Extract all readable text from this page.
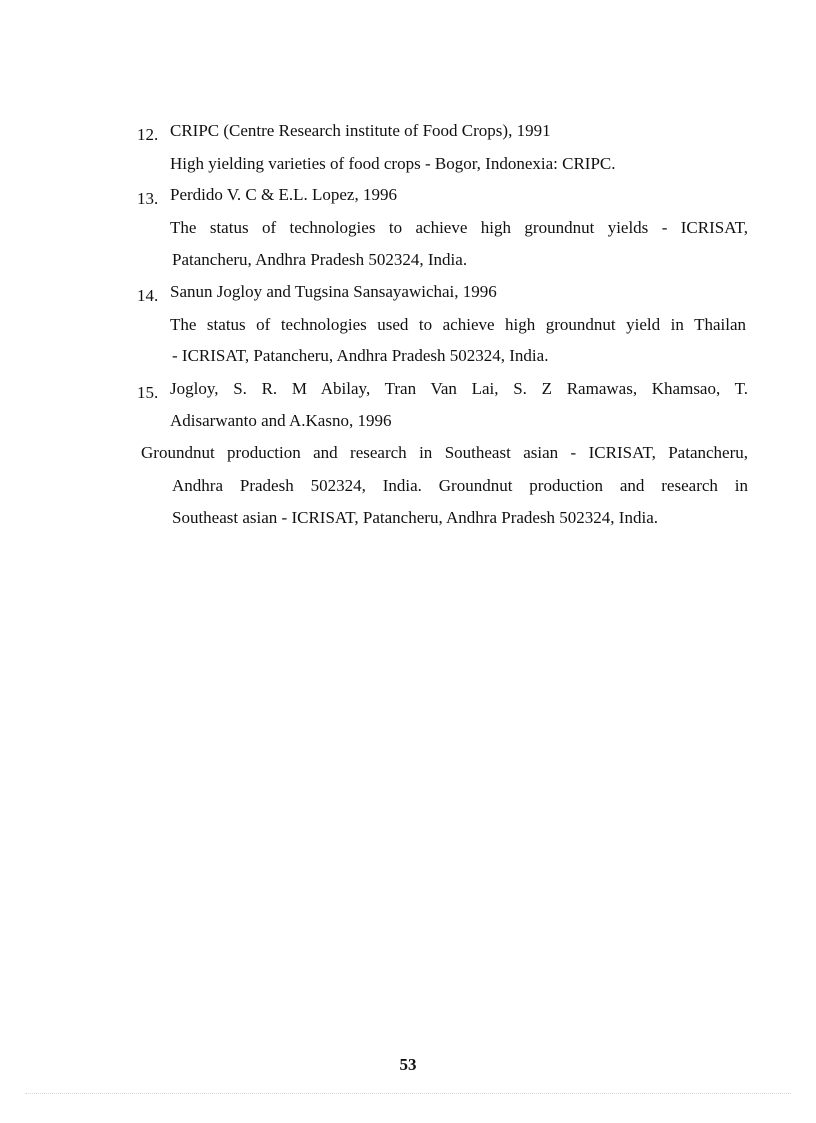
12. CRIPC (Centre Research institute of Food Crops), 1991
High yielding varieties of food crops - Bogor, Indonexia: CRIPC.
13. Perdido V. C & E.L. Lopez, 1996
The status of technologies to achieve high groundnut yields - ICRISAT,
Patancheru, Andhra Pradesh 502324, India.
14. Sanun Jogloy and Tugsina Sansayawichai, 1996
The status of technologies used to achieve high groundnut yield in Thailan
- ICRISAT, Patancheru, Andhra Pradesh 502324, India.
15. Jogloy, S. R. M Abilay, Tran Van Lai, S. Z Ramawas, Khamsao, T.
Adisarwanto and A.Kasno, 1996
Groundnut production and research in Southeast asian - ICRISAT, Patancheru,
Andhra Pradesh 502324, India. Groundnut production and research in
Southeast asian - ICRISAT, Patancheru, Andhra Pradesh 502324, India.
53
